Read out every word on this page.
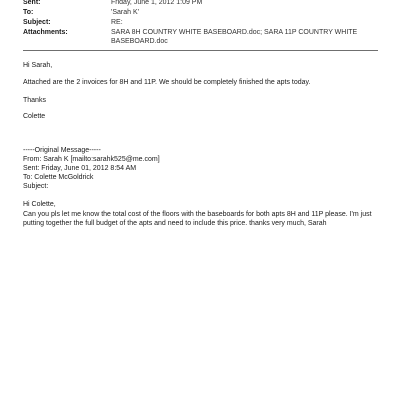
Sent:	Friday, June 1, 2012 1:09 PM
To:	'Sarah K'
Subject:	RE:
Attachments:	SARA 8H COUNTRY WHITE BASEBOARD.doc; SARA 11P COUNTRY WHITE BASEBOARD.doc
Hi Sarah,
Attached are the 2 invoices for 8H and 11P. We should be completely finished the apts today.
Thanks
Colette
-----Original Message-----
From: Sarah K [mailto:sarahk525@me.com]
Sent: Friday, June 01, 2012 8:54 AM
To: Colette McGoldrick
Subject:
Hi Colette,
Can you pls let me know the total cost of the floors with the baseboards for both apts 8H and 11P please. I'm just
putting together the full budget of the apts and need to include this price. thanks very much, Sarah
